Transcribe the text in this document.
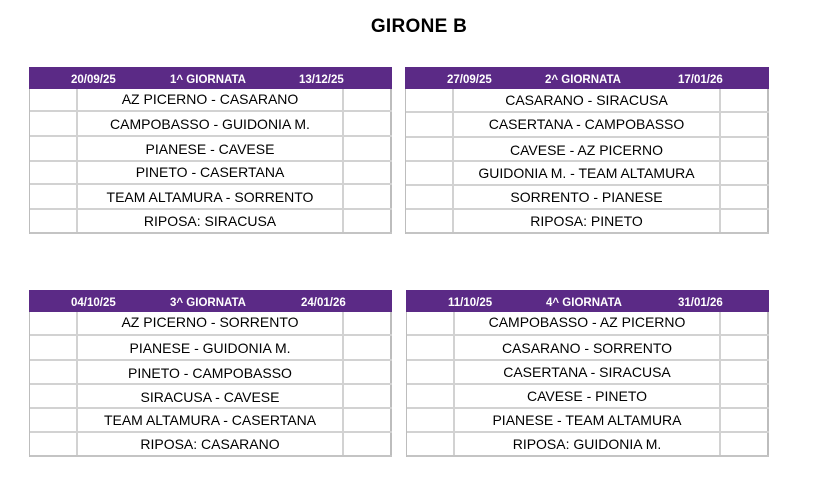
GIRONE B
20/09/25	1^ GIORNATA	13/12/25
AZ PICERNO - CASARANO
CAMPOBASSO - GUIDONIA M.
PIANESE - CAVESE
PINETO - CASERTANA
TEAM ALTAMURA - SORRENTO
RIPOSA: SIRACUSA
27/09/25	2^ GIORNATA	17/01/26
CASARANO - SIRACUSA
CASERTANA - CAMPOBASSO
CAVESE - AZ PICERNO
GUIDONIA M. - TEAM ALTAMURA
SORRENTO - PIANESE
RIPOSA: PINETO
04/10/25	3^ GIORNATA	24/01/26
AZ PICERNO - SORRENTO
PIANESE - GUIDONIA M.
PINETO - CAMPOBASSO
SIRACUSA - CAVESE
TEAM ALTAMURA - CASERTANA
RIPOSA: CASARANO
11/10/25	4^ GIORNATA	31/01/26
CAMPOBASSO - AZ PICERNO
CASARANO - SORRENTO
CASERTANA - SIRACUSA
CAVESE - PINETO
PIANESE - TEAM ALTAMURA
RIPOSA: GUIDONIA M.
